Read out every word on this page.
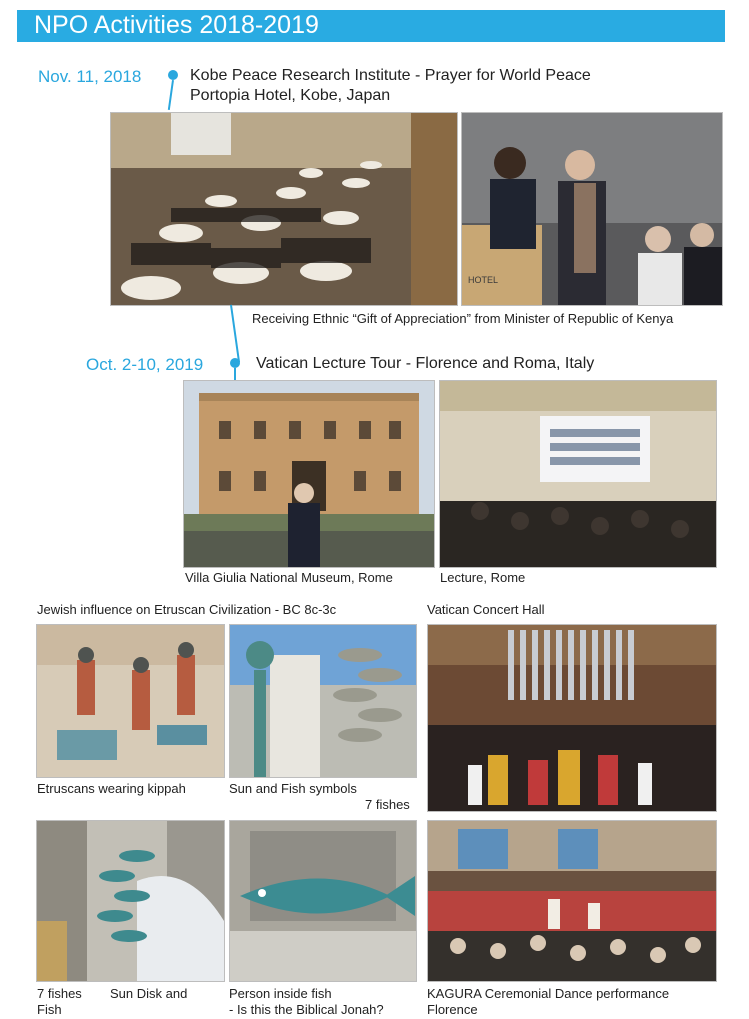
NPO Activities 2018-2019
Nov. 11, 2018	Kobe Peace Research Institute - Prayer for World Peace
Portopia Hotel, Kobe, Japan
HOTEL
Receiving Ethnic “Gift of Appreciation” from Minister of Republic of Kenya
Oct. 2-10, 2019	Vatican Lecture Tour - Florence and Roma, Italy
Villa Giulia National Museum, Rome	Lecture, Rome
Jewish influence on Etruscan Civilization - BC 8c-3c	Vatican Concert Hall
Etruscans wearing kippah	Sun and Fish symbols
7 fishes
7 fishes Sun Disk and
Fish
Person inside fish
- Is this the Biblical Jonah?
KAGURA Ceremonial Dance performance
Florence
